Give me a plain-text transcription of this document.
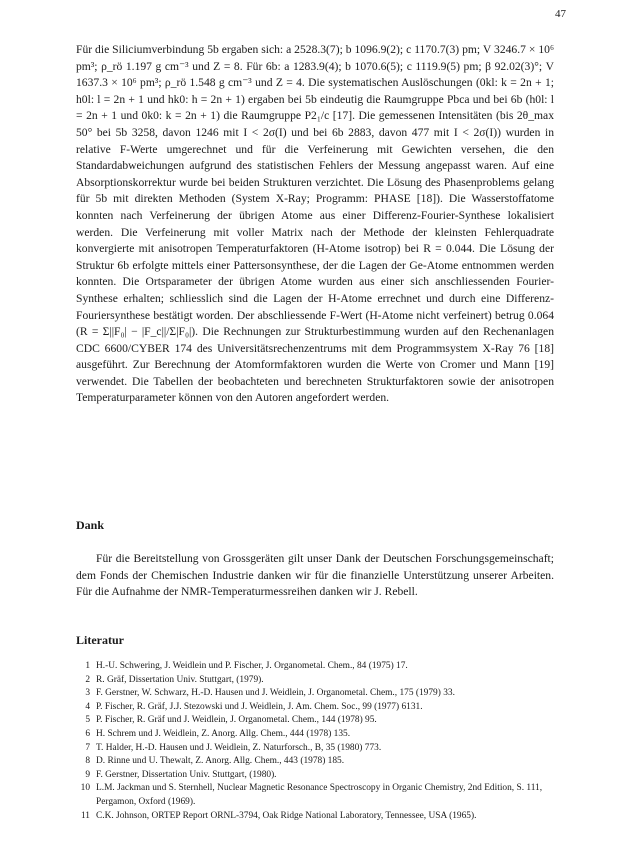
47

Für die Siliciumverbindung 5b ergaben sich: a 2528.3(7); b 1096.9(2); c 1170.7(3) pm; V 3246.7 × 10⁶ pm³; ρ_rö 1.197 g cm⁻³ und Z = 8. Für 6b: a 1283.9(4); b 1070.6(5); c 1119.9(5) pm; β 92.02(3)°; V 1637.3 × 10⁶ pm³; ρ_rö 1.548 g cm⁻³ und Z = 4. Die systematischen Auslöschungen (0kl: k = 2n + 1; h0l: l = 2n + 1 und hk0: h = 2n + 1) ergaben bei 5b eindeutig die Raumgruppe Pbca und bei 6b (h0l: l = 2n + 1 und 0k0: k = 2n + 1) die Raumgruppe P2₁/c [17]. Die gemessenen Intensitäten (bis 2θ_max 50° bei 5b 3258, davon 1246 mit I < 2σ(I) und bei 6b 2883, davon 477 mit I < 2σ(I)) wurden in relative F-Werte umgerechnet und für die Verfeinerung mit Gewichten versehen, die den Standardabweichungen aufgrund des statistischen Fehlers der Messung angepasst waren. Auf eine Absorptionskorrektur wurde bei beiden Strukturen verzichtet. Die Lösung des Phasenproblems gelang für 5b mit direkten Methoden (System X-Ray; Programm: PHASE [18]). Die Wasserstoffatome konnten nach Verfeinerung der übrigen Atome aus einer Differenz-Fourier-Synthese lokalisiert werden. Die Verfeinerung mit voller Matrix nach der Methode der kleinsten Fehlerquadrate konvergierte mit anisotropen Temperaturfaktoren (H-Atome isotrop) bei R = 0.044. Die Lösung der Struktur 6b erfolgte mittels einer Pattersonsynthese, der die Lagen der Ge-Atome entnommen werden konnten. Die Ortsparameter der übrigen Atome wurden aus einer sich anschliessenden Fourier-Synthese erhalten; schliesslich sind die Lagen der H-Atome errechnet und durch eine Differenz-Fouriersynthese bestätigt worden. Der abschliessende F-Wert (H-Atome nicht verfeinert) betrug 0.064 (R = Σ||F₀| − |F_c||/Σ|F₀|). Die Rechnungen zur Strukturbestimmung wurden auf den Rechenanlagen CDC 6600/CYBER 174 des Universitätsrechenzentrums mit dem Programmsystem X-Ray 76 [18] ausgeführt. Zur Berechnung der Atomformfaktoren wurden die Werte von Cromer und Mann [19] verwendet. Die Tabellen der beobachteten und berechneten Strukturfaktoren sowie der anisotropen Temperaturparameter können von den Autoren angefordert werden.

Dank

Für die Bereitstellung von Grossgeräten gilt unser Dank der Deutschen Forschungsgemeinschaft; dem Fonds der Chemischen Industrie danken wir für die finanzielle Unterstützung unserer Arbeiten. Für die Aufnahme der NMR-Temperaturmessreihen danken wir J. Rebell.

Literatur
1 H.-U. Schwering, J. Weidlein und P. Fischer, J. Organometal. Chem., 84 (1975) 17.
2 R. Gräf, Dissertation Univ. Stuttgart, (1979).
3 F. Gerstner, W. Schwarz, H.-D. Hausen und J. Weidlein, J. Organometal. Chem., 175 (1979) 33.
4 P. Fischer, R. Gräf, J.J. Stezowski und J. Weidlein, J. Am. Chem. Soc., 99 (1977) 6131.
5 P. Fischer, R. Gräf und J. Weidlein, J. Organometal. Chem., 144 (1978) 95.
6 H. Schrem und J. Weidlein, Z. Anorg. Allg. Chem., 444 (1978) 135.
7 T. Halder, H.-D. Hausen und J. Weidlein, Z. Naturforsch., B, 35 (1980) 773.
8 D. Rinne und U. Thewalt, Z. Anorg. Allg. Chem., 443 (1978) 185.
9 F. Gerstner, Dissertation Univ. Stuttgart, (1980).
10 L.M. Jackman und S. Sternhell, Nuclear Magnetic Resonance Spectroscopy in Organic Chemistry, 2nd Edition, S. 111, Pergamon, Oxford (1969).
11 C.K. Johnson, ORTEP Report ORNL-3794, Oak Ridge National Laboratory, Tennessee, USA (1965).
